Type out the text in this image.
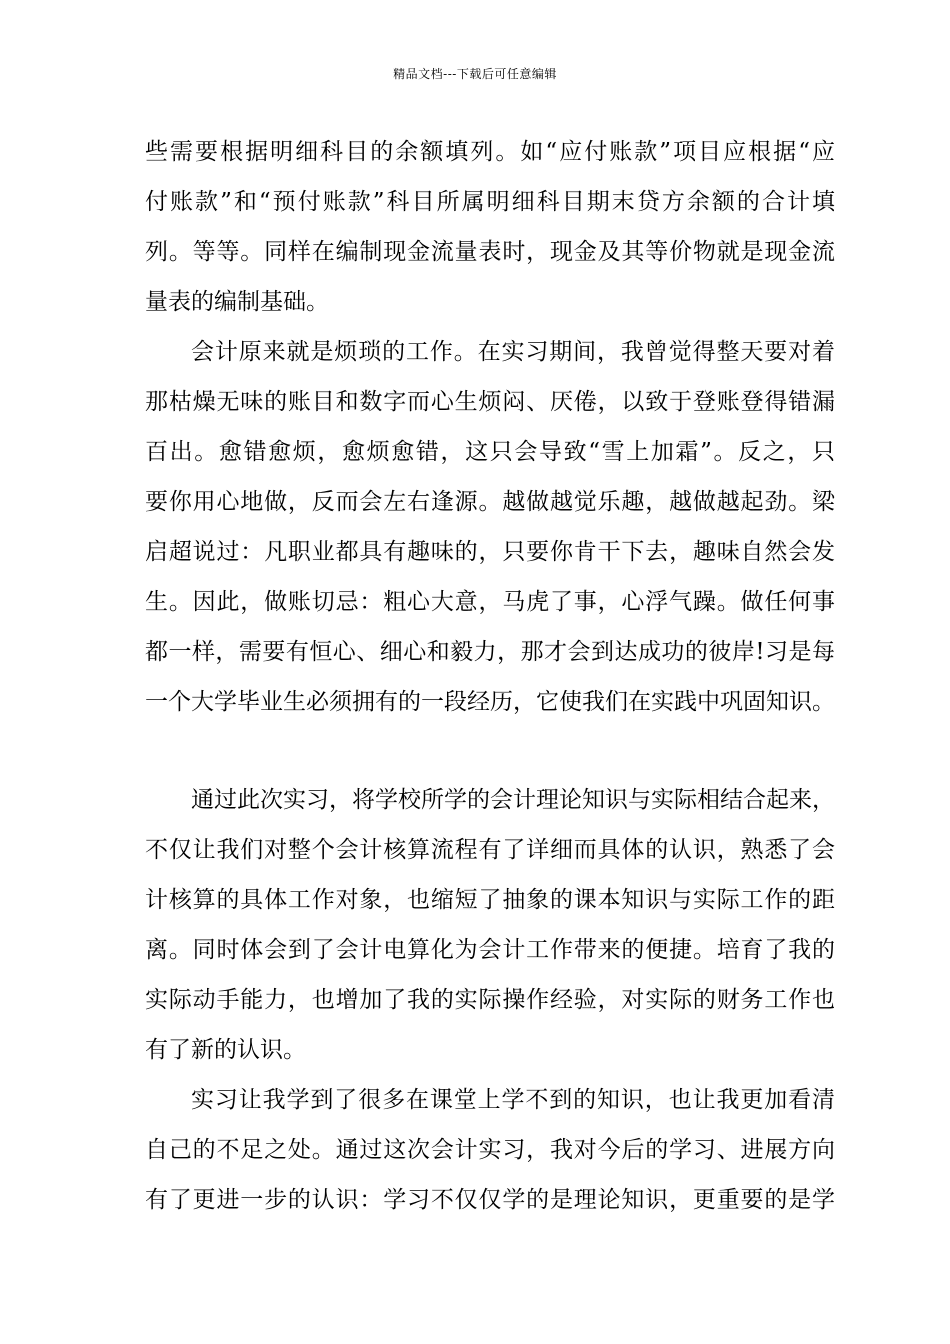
精品文档---下载后可任意编辑
些需要根据明细科目的余额填列。如“应付账款”项目应根据“应
付账款”和“预付账款”科目所属明细科目期末贷方余额的合计填
列。等等。同样在编制现金流量表时，现金及其等价物就是现金流
量表的编制基础。
会计原来就是烦琐的工作。在实习期间，我曾觉得整天要对着
那枯燥无味的账目和数字而心生烦闷、厌倦，以致于登账登得错漏
百出。愈错愈烦，愈烦愈错，这只会导致“雪上加霜”。反之，只
要你用心地做，反而会左右逢源。越做越觉乐趣，越做越起劲。梁
启超说过：凡职业都具有趣味的，只要你肯干下去，趣味自然会发
生。因此，做账切忌：粗心大意，马虎了事，心浮气躁。做任何事
都一样，需要有恒心、细心和毅力，那才会到达成功的彼岸!习是每
一个大学毕业生必须拥有的一段经历，它使我们在实践中巩固知识。
通过此次实习，将学校所学的会计理论知识与实际相结合起来，
不仅让我们对整个会计核算流程有了详细而具体的认识，熟悉了会
计核算的具体工作对象，也缩短了抽象的课本知识与实际工作的距
离。同时体会到了会计电算化为会计工作带来的便捷。培育了我的
实际动手能力，也增加了我的实际操作经验，对实际的财务工作也
有了新的认识。
实习让我学到了很多在课堂上学不到的知识，也让我更加看清
自己的不足之处。通过这次会计实习，我对今后的学习、进展方向
有了更进一步的认识：学习不仅仅学的是理论知识，更重要的是学
